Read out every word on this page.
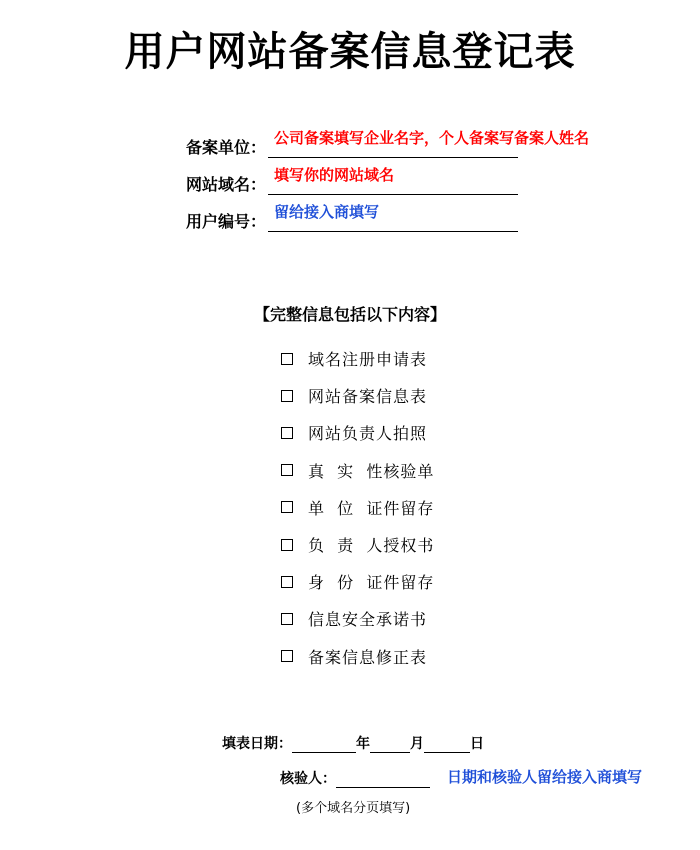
用户网站备案信息登记表
备案单位： 公司备案填写企业名字，个人备案写备案人姓名
网站域名： 填写你的网站域名
用户编号： 留给接入商填写
【完整信息包括以下内容】
域名注册申请表
网站备案信息表
网站负责人拍照
真  实  性核验单
单  位  证件留存
负  责  人授权书
身  份  证件留存
信息安全承诺书
备案信息修正表
填表日期：	年	月	日
核验人：	日期和核验人留给接入商填写
(多个域名分页填写)
